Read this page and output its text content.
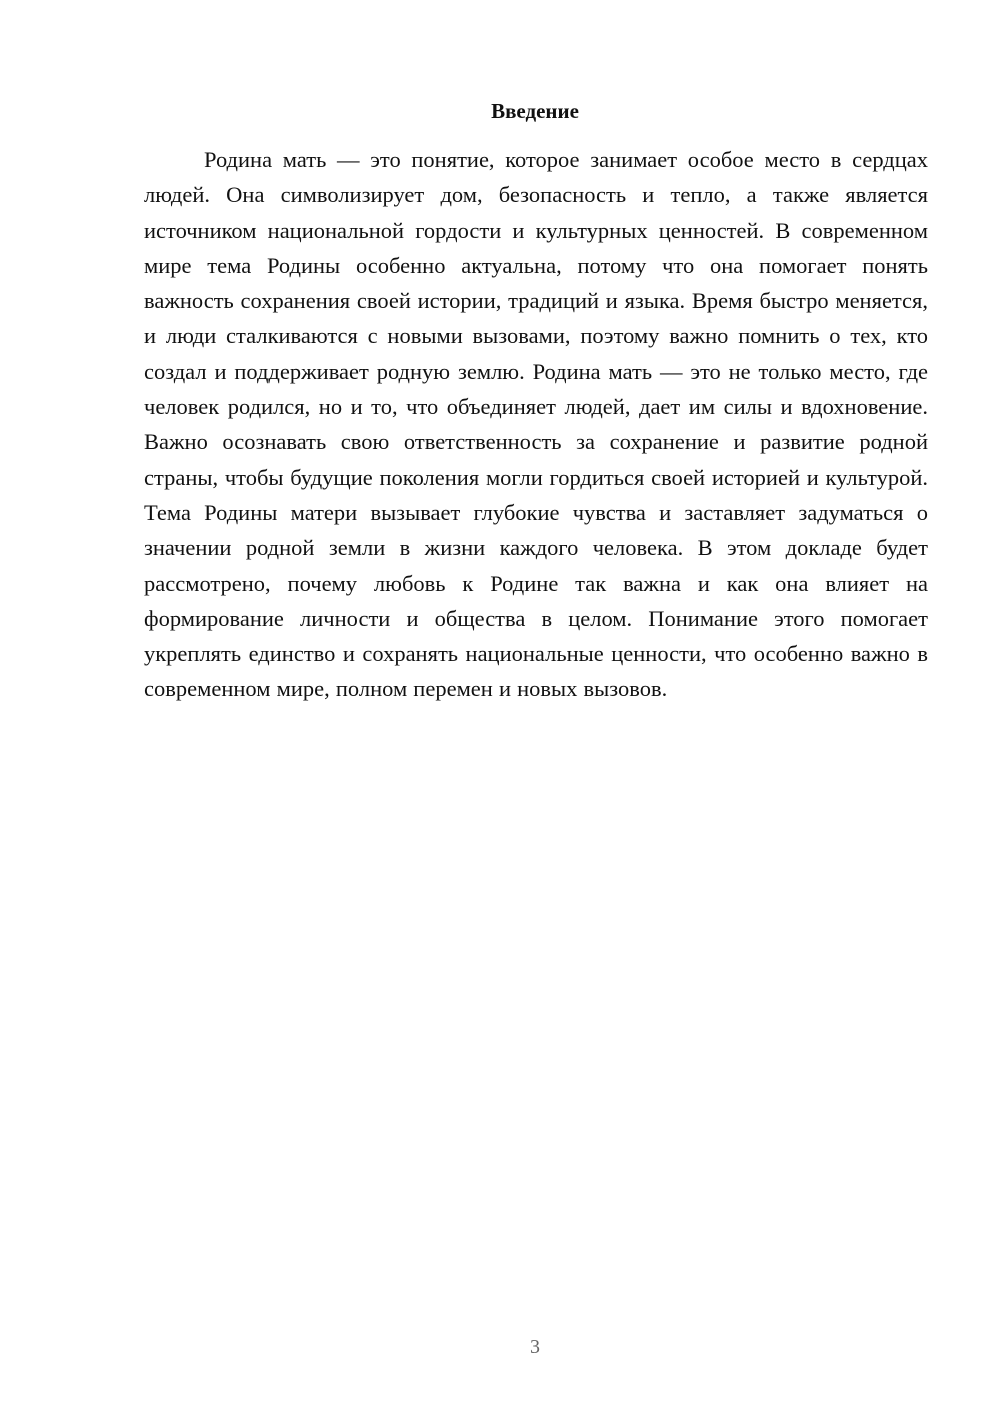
Введение

Родина мать — это понятие, которое занимает особое место в сердцах людей. Она символизирует дом, безопасность и тепло, а также является источником национальной гордости и культурных ценностей. В современном мире тема Родины особенно актуальна, потому что она помогает понять важность сохранения своей истории, традиций и языка. Время быстро меняется, и люди сталкиваются с новыми вызовами, поэтому важно помнить о тех, кто создал и поддерживает родную землю. Родина мать — это не только место, где человек родился, но и то, что объединяет людей, дает им силы и вдохновение. Важно осознавать свою ответственность за сохранение и развитие родной страны, чтобы будущие поколения могли гордиться своей историей и культурой. Тема Родины матери вызывает глубокие чувства и заставляет задуматься о значении родной земли в жизни каждого человека. В этом докладе будет рассмотрено, почему любовь к Родине так важна и как она влияет на формирование личности и общества в целом. Понимание этого помогает укреплять единство и сохранять национальные ценности, что особенно важно в современном мире, полном перемен и новых вызовов.

3
